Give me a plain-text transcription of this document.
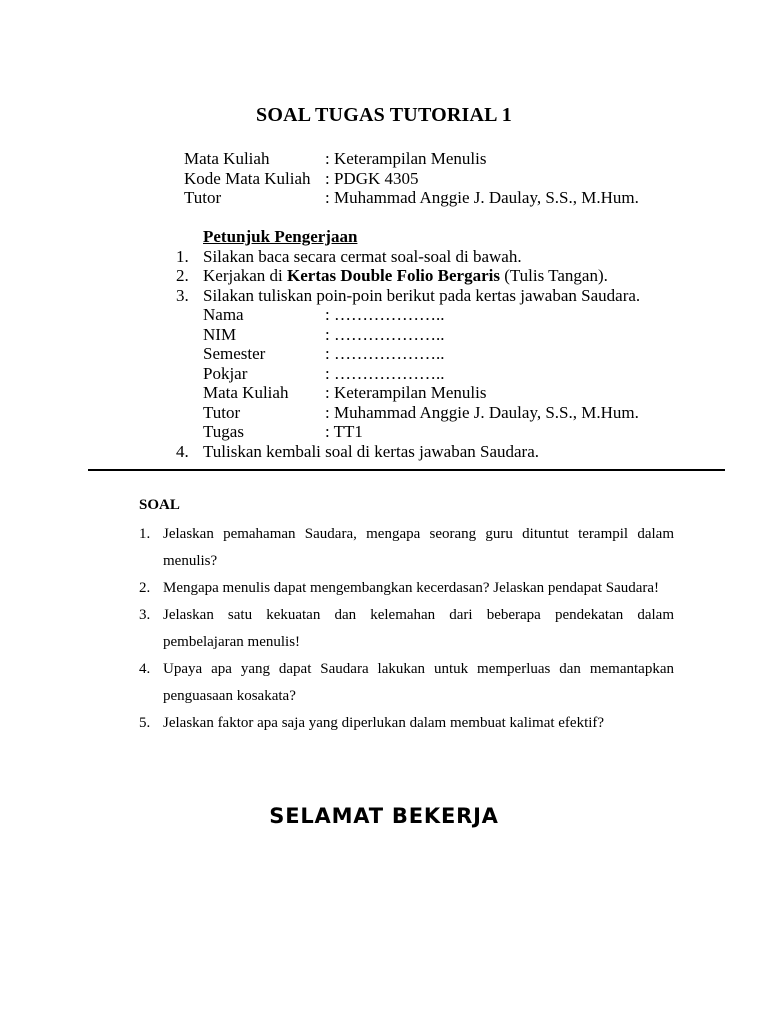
SOAL TUGAS TUTORIAL 1
Mata Kuliah	: Keterampilan Menulis
Kode Mata Kuliah : PDGK 4305
Tutor	: Muhammad Anggie J. Daulay, S.S., M.Hum.
Petunjuk Pengerjaan
1. Silakan baca secara cermat soal-soal di bawah.
2. Kerjakan di Kertas Double Folio Bergaris (Tulis Tangan).
3. Silakan tuliskan poin-poin berikut pada kertas jawaban Saudara.
Nama	: ………………..
NIM	: ………………..
Semester	: ………………..
Pokjar	: ………………..
Mata Kuliah	: Keterampilan Menulis
Tutor	: Muhammad Anggie J. Daulay, S.S., M.Hum.
Tugas	: TT1
4. Tuliskan kembali soal di kertas jawaban Saudara.
SOAL
1. Jelaskan pemahaman Saudara, mengapa seorang guru dituntut terampil dalam menulis?
2. Mengapa menulis dapat mengembangkan kecerdasan? Jelaskan pendapat Saudara!
3. Jelaskan satu kekuatan dan kelemahan dari beberapa pendekatan dalam pembelajaran menulis!
4. Upaya apa yang dapat Saudara lakukan untuk memperluas dan memantapkan penguasaan kosakata?
5. Jelaskan faktor apa saja yang diperlukan dalam membuat kalimat efektif?
SELAMAT BEKERJA
